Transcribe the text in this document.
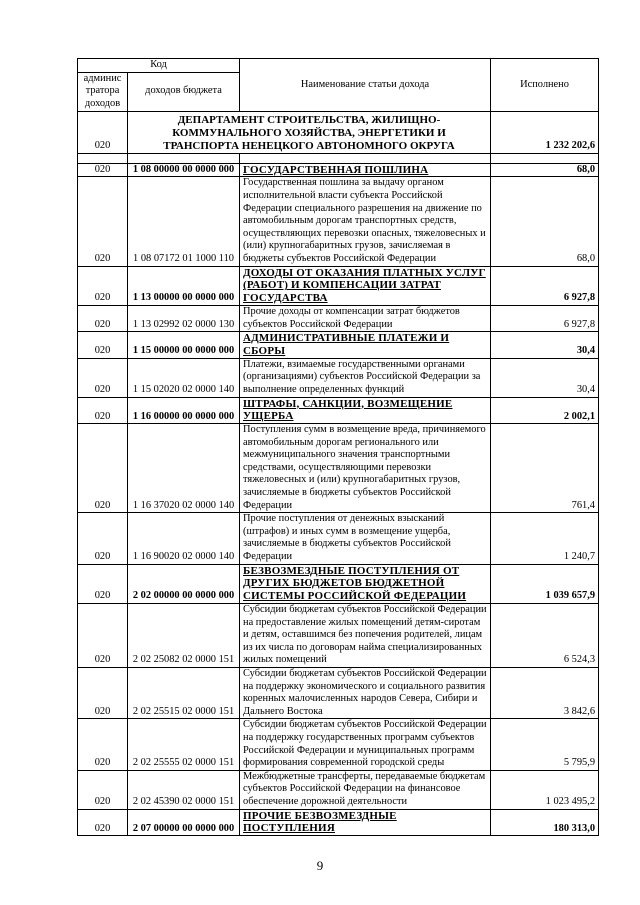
Код		Наименование статьи дохода	Исполнено
админис тратора доходов	доходов бюджета		
020	ДЕПАРТАМЕНТ СТРОИТЕЛЬСТВА, ЖИЛИЩНО-КОММУНАЛЬНОГО ХОЗЯЙСТВА, ЭНЕРГЕТИКИ И ТРАНСПОРТА НЕНЕЦКОГО АВТОНОМНОГО ОКРУГА		1 232 202,6

020	1 08 00000 00 0000 000	ГОСУДАРСТВЕННАЯ ПОШЛИНА	68,0
020	1 08 07172 01 1000 110	Государственная пошлина за выдачу органом исполнительной власти субъекта Российской Федерации специального разрешения на движение по автомобильным дорогам транспортных средств, осуществляющих перевозки опасных, тяжеловесных и (или) крупногабаритных грузов, зачисляемая в бюджеты субъектов Российской Федерации	68,0
020	1 13 00000 00 0000 000	ДОХОДЫ ОТ ОКАЗАНИЯ ПЛАТНЫХ УСЛУГ (РАБОТ) И КОМПЕНСАЦИИ ЗАТРАТ ГОСУДАРСТВА	6 927,8
020	1 13 02992 02 0000 130	Прочие доходы от компенсации затрат бюджетов субъектов Российской Федерации	6 927,8
020	1 15 00000 00 0000 000	АДМИНИСТРАТИВНЫЕ ПЛАТЕЖИ И СБОРЫ	30,4
020	1 15 02020 02 0000 140	Платежи, взимаемые государственными органами (организациями) субъектов Российской Федерации за выполнение определенных функций	30,4
020	1 16 00000 00 0000 000	ШТРАФЫ, САНКЦИИ, ВОЗМЕЩЕНИЕ УЩЕРБА	2 002,1
020	1 16 37020 02 0000 140	Поступления сумм в возмещение вреда, причиняемого автомобильным дорогам регионального или межмуниципального значения транспортными средствами, осуществляющими перевозки тяжеловесных и (или) крупногабаритных грузов, зачисляемые в бюджеты субъектов Российской Федерации	761,4
020	1 16 90020 02 0000 140	Прочие поступления от денежных взысканий (штрафов) и иных сумм в возмещение ущерба, зачисляемые в бюджеты субъектов Российской Федерации	1 240,7
020	2 02 00000 00 0000 000	БЕЗВОЗМЕЗДНЫЕ ПОСТУПЛЕНИЯ ОТ ДРУГИХ БЮДЖЕТОВ БЮДЖЕТНОЙ СИСТЕМЫ РОССИЙСКОЙ ФЕДЕРАЦИИ	1 039 657,9
020	2 02 25082 02 0000 151	Субсидии бюджетам субъектов Российской Федерации на предоставление жилых помещений детям-сиротам и детям, оставшимся без попечения родителей, лицам из их числа по договорам найма специализированных жилых помещений	6 524,3
020	2 02 25515 02 0000 151	Субсидии бюджетам субъектов Российской Федерации на поддержку экономического и социального развития коренных малочисленных народов Севера, Сибири и Дальнего Востока	3 842,6
020	2 02 25555 02 0000 151	Субсидии бюджетам субъектов Российской Федерации на поддержку государственных программ субъектов Российской Федерации и муниципальных программ формирования современной городской среды	5 795,9
020	2 02 45390 02 0000 151	Межбюджетные трансферты, передаваемые бюджетам субъектов Российской Федерации на финансовое обеспечение дорожной деятельности	1 023 495,2
020	2 07 00000 00 0000 000	ПРОЧИЕ БЕЗВОЗМЕЗДНЫЕ ПОСТУПЛЕНИЯ	180 313,0
9
